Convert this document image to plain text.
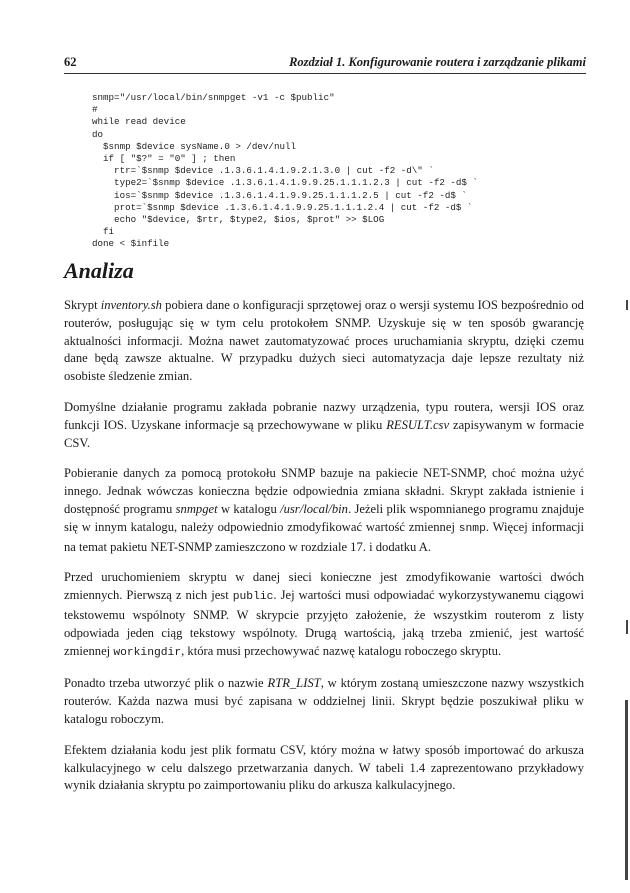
62	Rozdział 1. Konfigurowanie routera i zarządzanie plikami
snmp="/usr/local/bin/snmpget -v1 -c $public"
#
while read device
do
$snmp $device sysName.0 > /dev/null
if [ "$?" = "0" ] ; then
rtr=`$snmp $device .1.3.6.1.4.1.9.2.1.3.0 | cut -f2 -d\" `
type2=`$snmp $device .1.3.6.1.4.1.9.9.25.1.1.1.2.3 | cut -f2 -d$ `
ios=`$snmp $device .1.3.6.1.4.1.9.9.25.1.1.1.2.5 | cut -f2 -d$ `
prot=`$snmp $device .1.3.6.1.4.1.9.9.25.1.1.1.2.4 | cut -f2 -d$ `
echo "$device, $rtr, $type2, $ios, $prot" >> $LOG
fi
done < $infile
Analiza

Skrypt inventory.sh pobiera dane o konfiguracji sprzętowej oraz o wersji systemu IOS bezpośrednio od routerów, posługując się w tym celu protokołem SNMP. Uzyskuje się w ten sposób gwarancję aktualności informacji. Można nawet zautomatyzować proces uruchamiania skryptu, dzięki czemu dane będą zawsze aktualne. W przypadku dużych sieci automatyzacja daje lepsze rezultaty niż osobiste śledzenie zmian.

Domyślne działanie programu zakłada pobranie nazwy urządzenia, typu routera, wersji IOS oraz funkcji IOS. Uzyskane informacje są przechowywane w pliku RESULT.csv zapisywanym w formacie CSV.

Pobieranie danych za pomocą protokołu SNMP bazuje na pakiecie NET-SNMP, choć można użyć innego. Jednak wówczas konieczna będzie odpowiednia zmiana składni. Skrypt zakłada istnienie i dostępność programu snmpget w katalogu /usr/local/bin. Jeżeli plik wspomnianego programu znajduje się w innym katalogu, należy odpowiednio zmodyfikować wartość zmiennej snmp. Więcej informacji na temat pakietu NET-SNMP zamieszczono w rozdziale 17. i dodatku A.

Przed uruchomieniem skryptu w danej sieci konieczne jest zmodyfikowanie wartości dwóch zmiennych. Pierwszą z nich jest public. Jej wartości musi odpowiadać wykorzystywanemu ciągowi tekstowemu wspólnoty SNMP. W skrypcie przyjęto założenie, że wszystkim routerom z listy odpowiada jeden ciąg tekstowy wspólnoty. Drugą wartością, jaką trzeba zmienić, jest wartość zmiennej workingdir, która musi przechowywać nazwę katalogu roboczego skryptu.

Ponadto trzeba utworzyć plik o nazwie RTR_LIST, w którym zostaną umieszczone nazwy wszystkich routerów. Każda nazwa musi być zapisana w oddzielnej linii. Skrypt będzie poszukiwał pliku w katalogu roboczym.

Efektem działania kodu jest plik formatu CSV, który można w łatwy sposób importować do arkusza kalkulacyjnego w celu dalszego przetwarzania danych. W tabeli 1.4 zaprezentowano przykładowy wynik działania skryptu po zaimportowaniu pliku do arkusza kalkulacyjnego.
